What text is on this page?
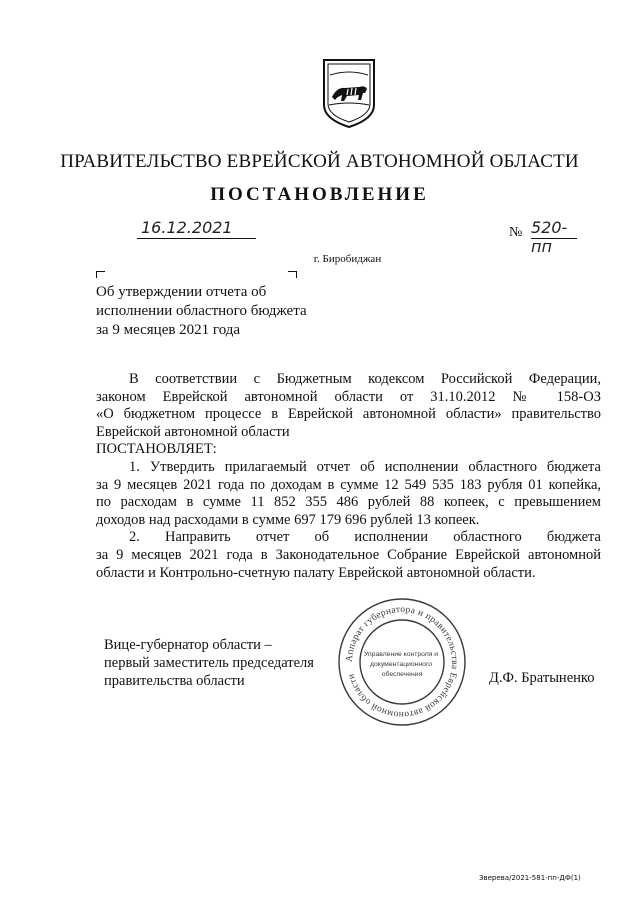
ПРАВИТЕЛЬСТВО ЕВРЕЙСКОЙ АВТОНОМНОЙ ОБЛАСТИ
ПОСТАНОВЛЕНИЕ
16.12.2021	№ 520-пп
г. Биробиджан
Об утверждении отчета об
исполнении областного бюджета
за 9 месяцев 2021 года
В соответствии с Бюджетным кодексом Российской Федерации,
законом Еврейской автономной области от 31.10.2012 № 158-ОЗ
«О бюджетном процессе в Еврейской автономной области» правительство
Еврейской автономной области
ПОСТАНОВЛЯЕТ:
1. Утвердить прилагаемый отчет об исполнении областного бюджета
за 9 месяцев 2021 года по доходам в сумме 12 549 535 183 рубля 01 копейка,
по расходам в сумме 11 852 355 486 рублей 88 копеек, с превышением
доходов над расходами в сумме 697 179 696 рублей 13 копеек.
2. Направить отчет об исполнении областного бюджета
за 9 месяцев 2021 года в Законодательное Собрание Еврейской автономной
области и Контрольно-счетную палату Еврейской автономной области.
Вице-губернатор области –
первый заместитель председателя
правительства области	Д.Ф. Братыненко
Аппарат губернатора и правительства Еврейской автономной области
Управление контроля и документационного обеспечения
Зверева/2021-581-пп-ДФ(1)
